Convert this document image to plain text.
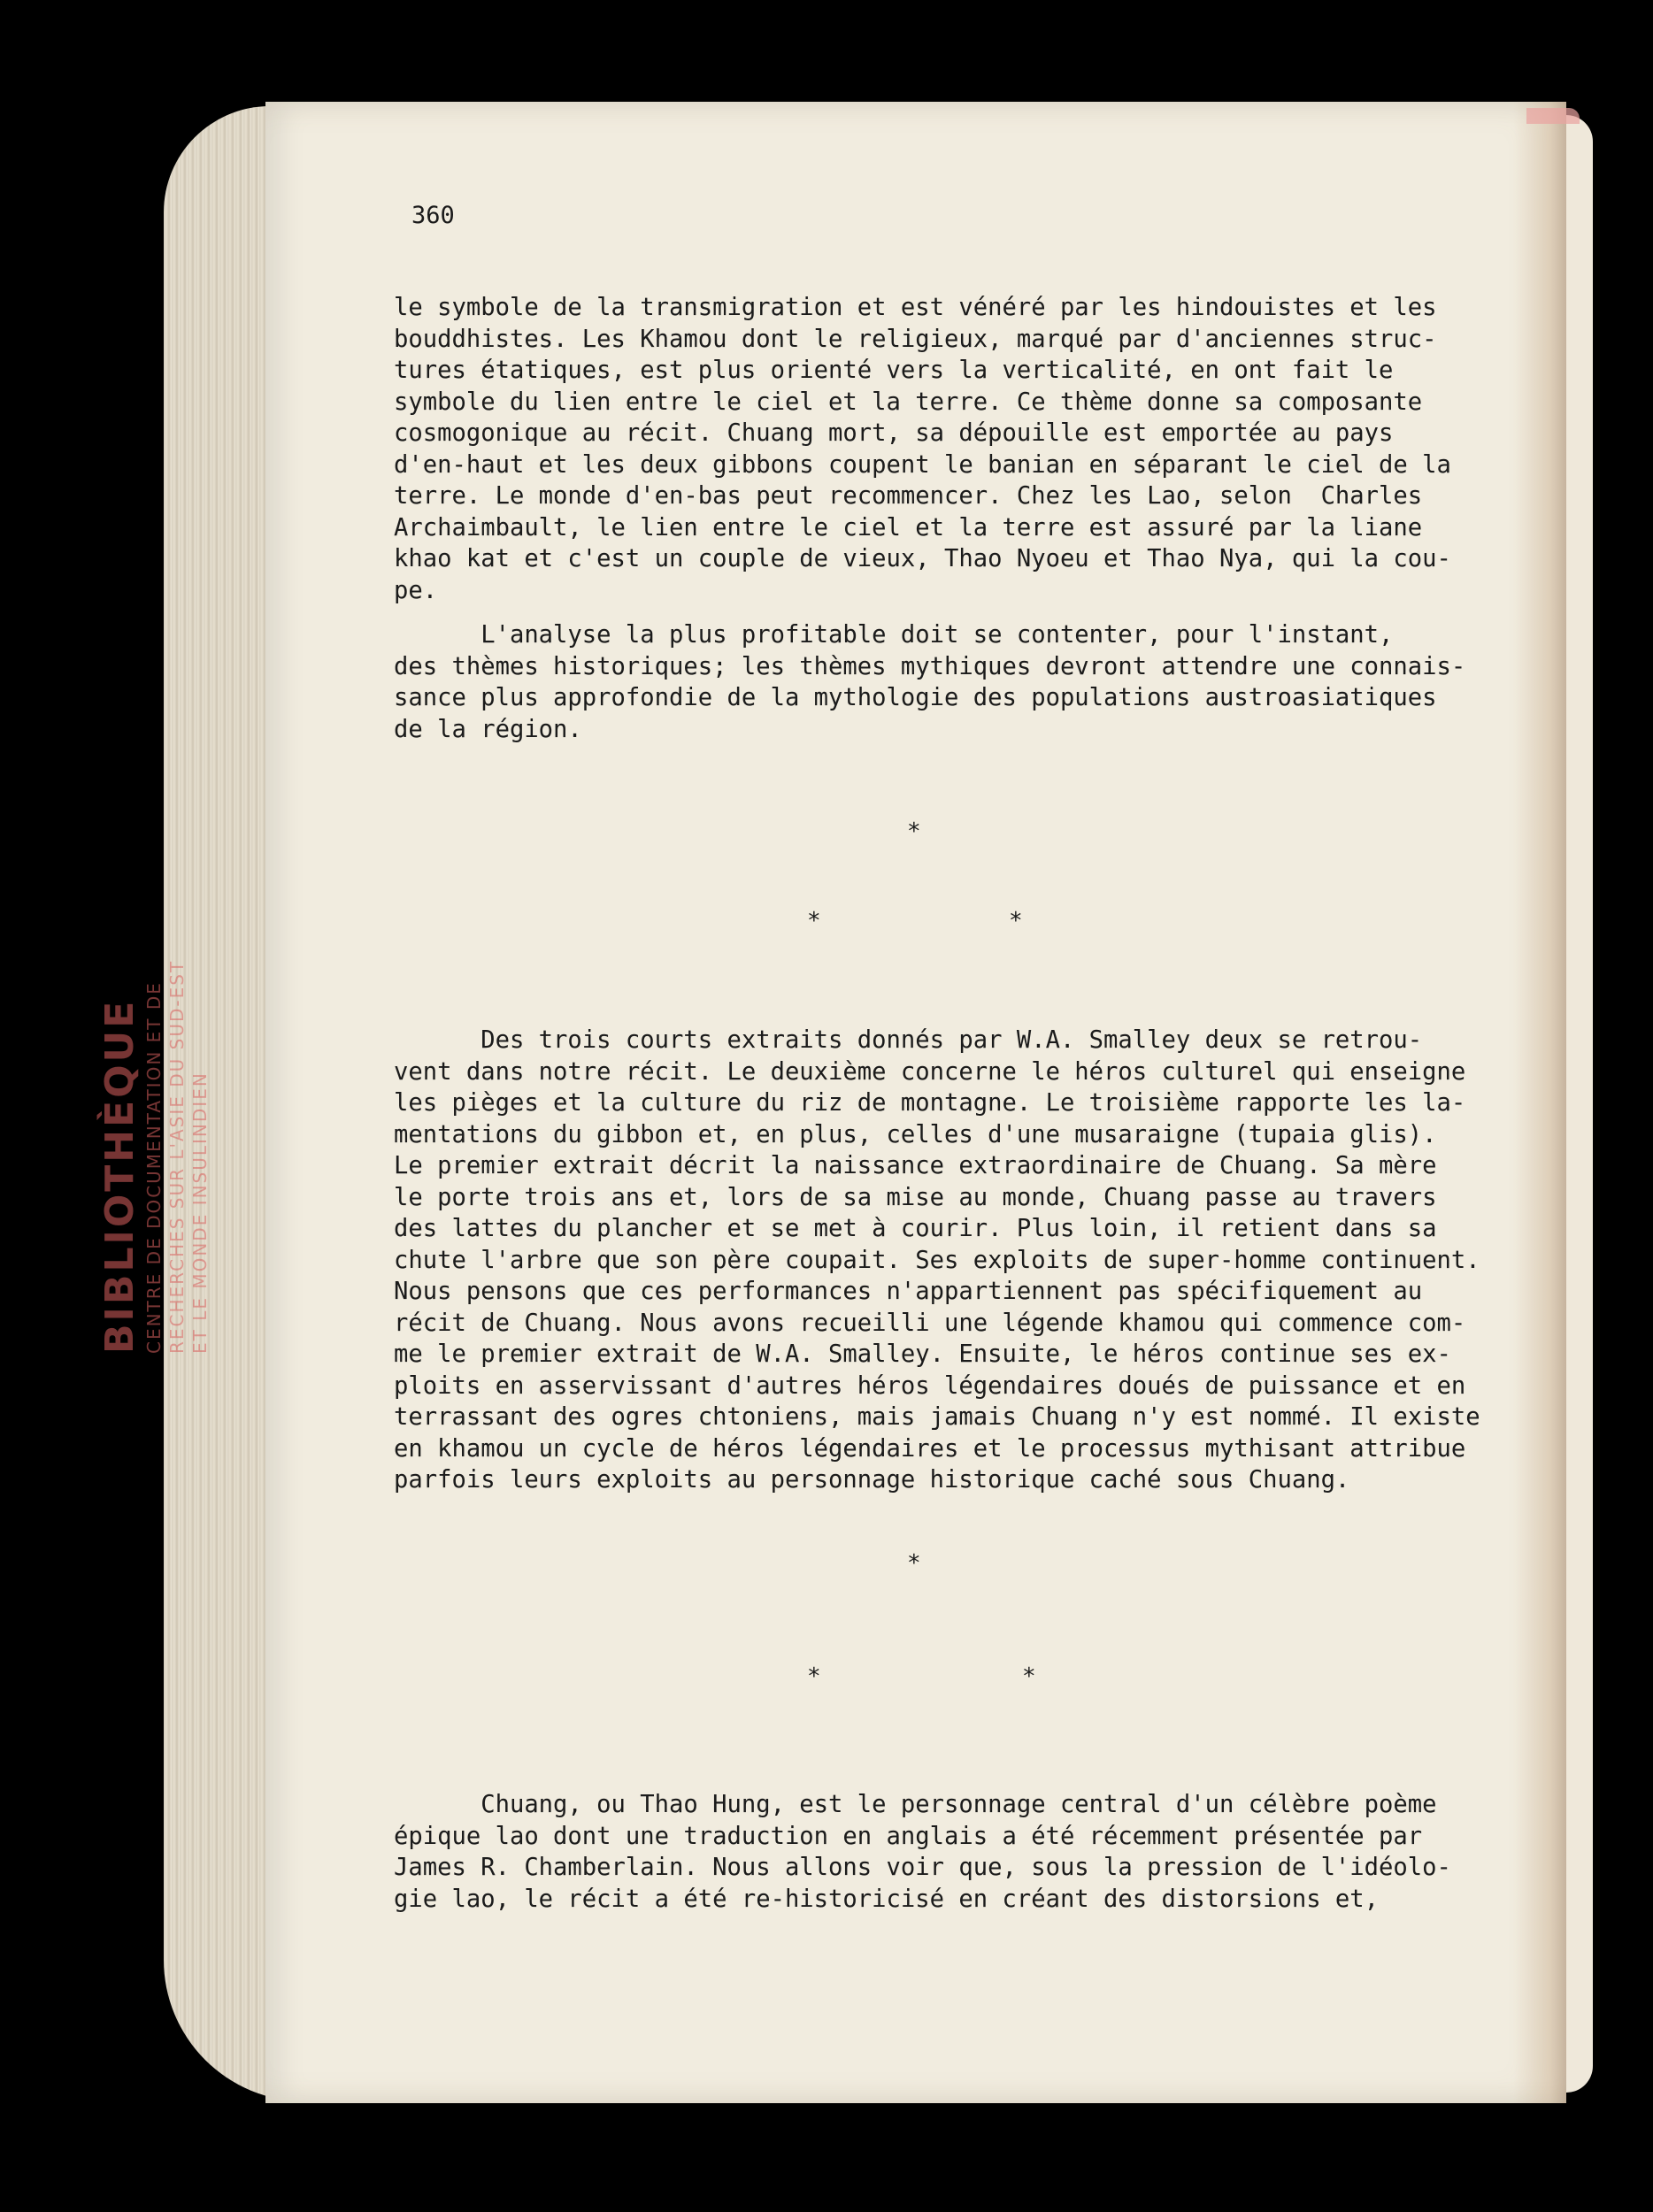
BIBLIOTHÈQUE CENTRE DE DOCUMENTATION ET DE RECHERCHES SUR L'ASIE DU SUD-EST ET LE MONDE INSULINDIEN
360

le symbole de la transmigration et est vénéré par les hindouistes et les
bouddhistes. Les Khamou dont le religieux, marqué par d'anciennes struc-
tures étatiques, est plus orienté vers la verticalité, en ont fait le
symbole du lien entre le ciel et la terre. Ce thème donne sa composante
cosmogonique au récit. Chuang mort, sa dépouille est emportée au pays
d'en-haut et les deux gibbons coupent le banian en séparant le ciel de la
terre. Le monde d'en-bas peut recommencer. Chez les Lao, selon  Charles
Archaimbault, le lien entre le ciel et la terre est assuré par la liane
khao kat et c'est un couple de vieux, Thao Nyoeu et Thao Nya, qui la cou-
pe.

L'analyse la plus profitable doit se contenter, pour l'instant,
des thèmes historiques; les thèmes mythiques devront attendre une connais-
sance plus approfondie de la mythologie des populations austroasiatiques
de la région.

*
*	*

Des trois courts extraits donnés par W.A. Smalley deux se retrou-
vent dans notre récit. Le deuxième concerne le héros culturel qui enseigne
les pièges et la culture du riz de montagne. Le troisième rapporte les la-
mentations du gibbon et, en plus, celles d'une musaraigne (tupaia glis).
Le premier extrait décrit la naissance extraordinaire de Chuang. Sa mère
le porte trois ans et, lors de sa mise au monde, Chuang passe au travers
des lattes du plancher et se met à courir. Plus loin, il retient dans sa
chute l'arbre que son père coupait. Ses exploits de super-homme continuent.
Nous pensons que ces performances n'appartiennent pas spécifiquement au
récit de Chuang. Nous avons recueilli une légende khamou qui commence com-
me le premier extrait de W.A. Smalley. Ensuite, le héros continue ses ex-
ploits en asservissant d'autres héros légendaires doués de puissance et en
terrassant des ogres chtoniens, mais jamais Chuang n'y est nommé. Il existe
en khamou un cycle de héros légendaires et le processus mythisant attribue
parfois leurs exploits au personnage historique caché sous Chuang.

*
*	*

Chuang, ou Thao Hung, est le personnage central d'un célèbre poème
épique lao dont une traduction en anglais a été récemment présentée par
James R. Chamberlain. Nous allons voir que, sous la pression de l'idéolo-
gie lao, le récit a été re-historicisé en créant des distorsions et,
